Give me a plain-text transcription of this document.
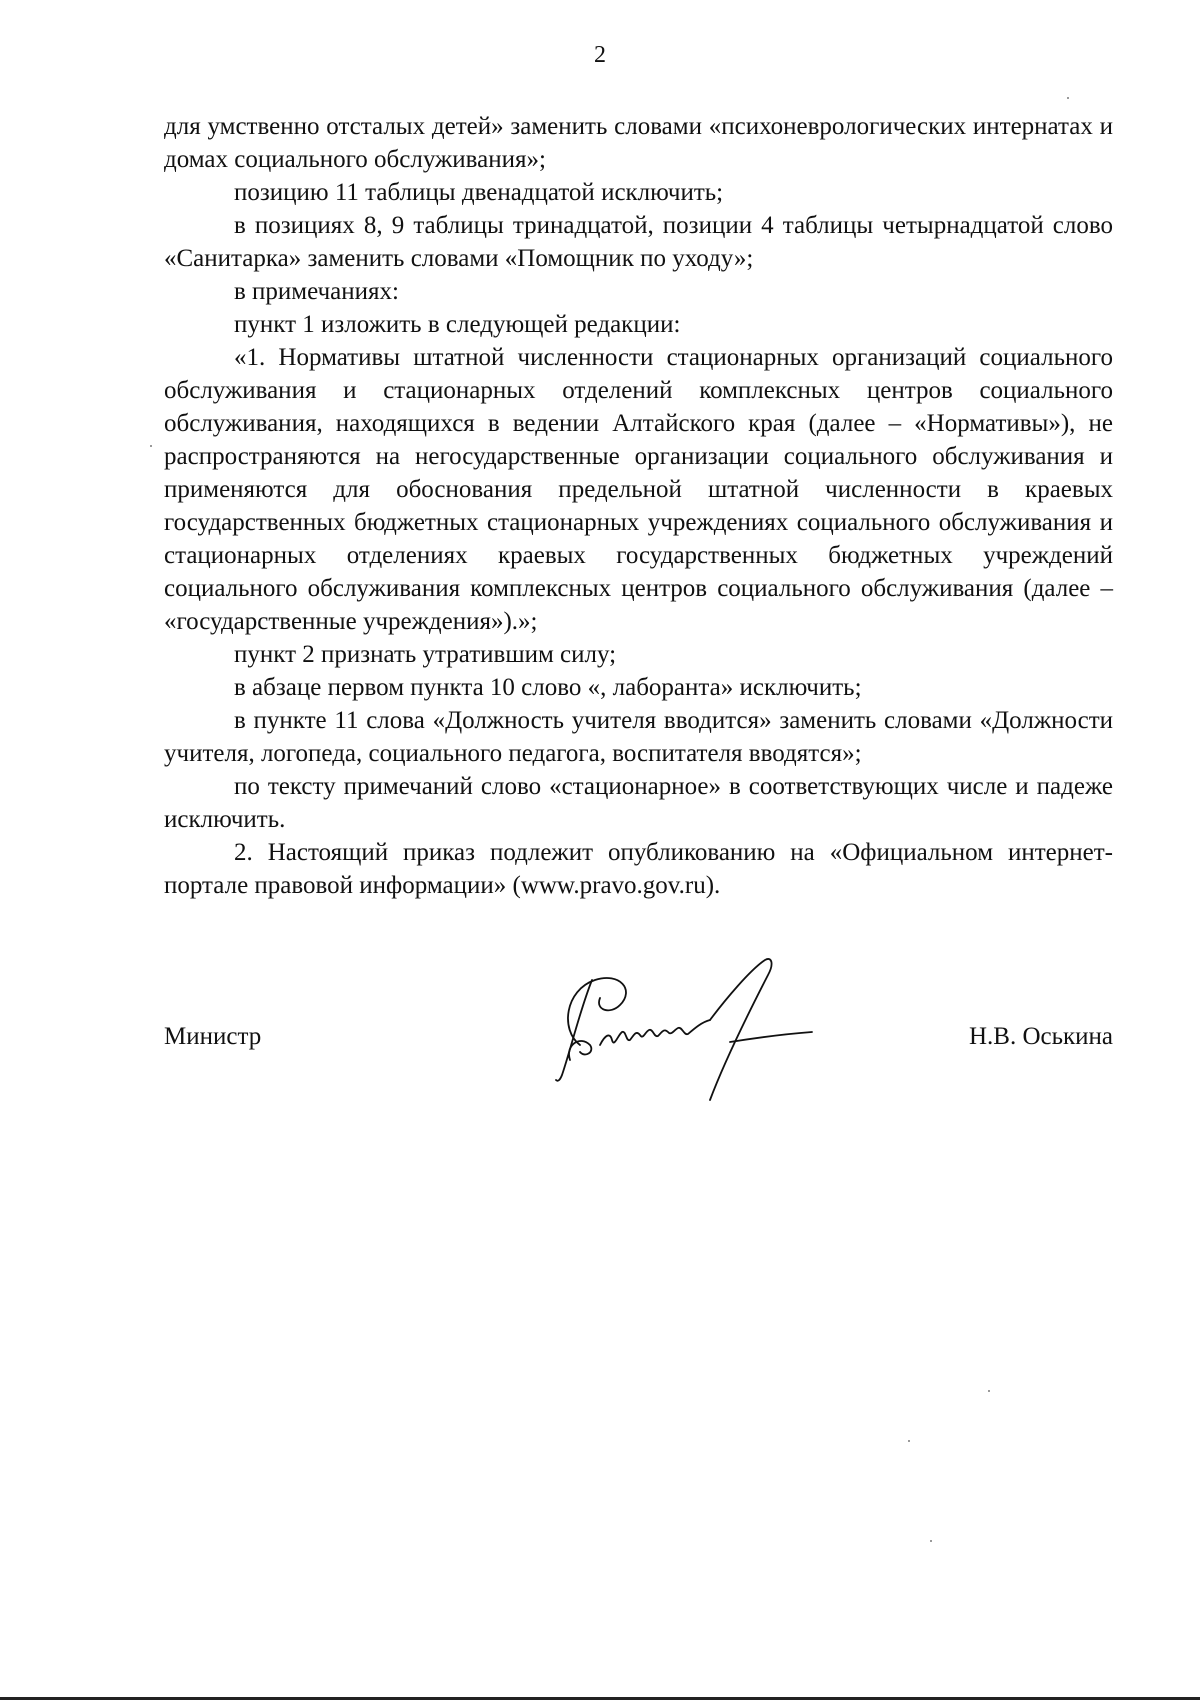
2

для умственно отсталых детей» заменить словами «психоневрологических интернатах и домах социального обслуживания»;

позицию 11 таблицы двенадцатой исключить;

в позициях 8, 9 таблицы тринадцатой, позиции 4 таблицы четырнадцатой слово «Санитарка» заменить словами «Помощник по уходу»;

в примечаниях:

пункт 1 изложить в следующей редакции:

«1. Нормативы штатной численности стационарных организаций социального обслуживания и стационарных отделений комплексных центров социального обслуживания, находящихся в ведении Алтайского края (далее – «Нормативы»), не распространяются на негосударственные организации социального обслуживания и применяются для обоснования предельной штатной численности в краевых государственных бюджетных стационарных учреждениях социального обслуживания и стационарных отделениях краевых государственных бюджетных учреждений социального обслуживания комплексных центров социального обслуживания (далее – «государственные учреждения»).»;

пункт 2 признать утратившим силу;

в абзаце первом пункта 10 слово «, лаборанта» исключить;

в пункте 11 слова «Должность учителя вводится» заменить словами «Должности учителя, логопеда, социального педагога, воспитателя вводятся»;

по тексту примечаний слово «стационарное» в соответствующих числе и падеже исключить.

2. Настоящий приказ подлежит опубликованию на «Официальном интернет-портале правовой информации» (www.pravo.gov.ru).

Министр	Н.В. Оськина
